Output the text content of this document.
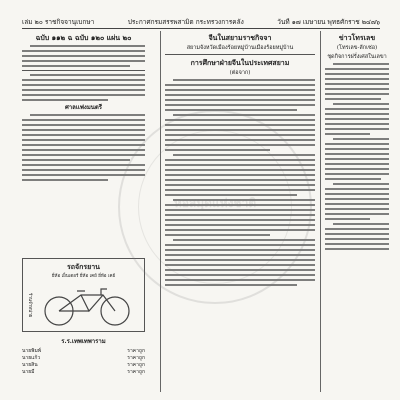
เล่ม ๒๐ ราชกิจจานุเบกษา	ประกาศกรมสรรพสามิต กระทรวงการคลัง	วันที่ ๑๗ เมษายน พุทธศักราช ๒๔๗๖
ฉบับ ๑๑๒ ฉ ฉบับ ๑๒๐ แผ่น ๒๐
ศาลเเพ่งมนตรี
รถจักรยาน
ยี่ห้อ เย็นเตอร์ ยี่ห้อ เคย์ ยี่ห้อ เคย์
ร้านจำหน่าย
ร.ร.เทพเทพาราม
นายพิมพ์	ราคาถูก
นายแก้ว	ราคาถูก
นายสิน	ราคาถูก
นายมี	ราคาถูก
จีนในสยามราชกิจจา
สยามจังหวัดเมืองร้อยหมู่บ้านเมืองร้อยหมู่บ้าน
การศึกษาฝ่ายจีนในประเทศสยาม
(ต่อจาก)
ข่าวโทรเลข
(โทรเลข-ลักเซ่อ)
ชุดกิจการฝรั่งเศสในเลขา
หอสมุดแห่งชาติ
